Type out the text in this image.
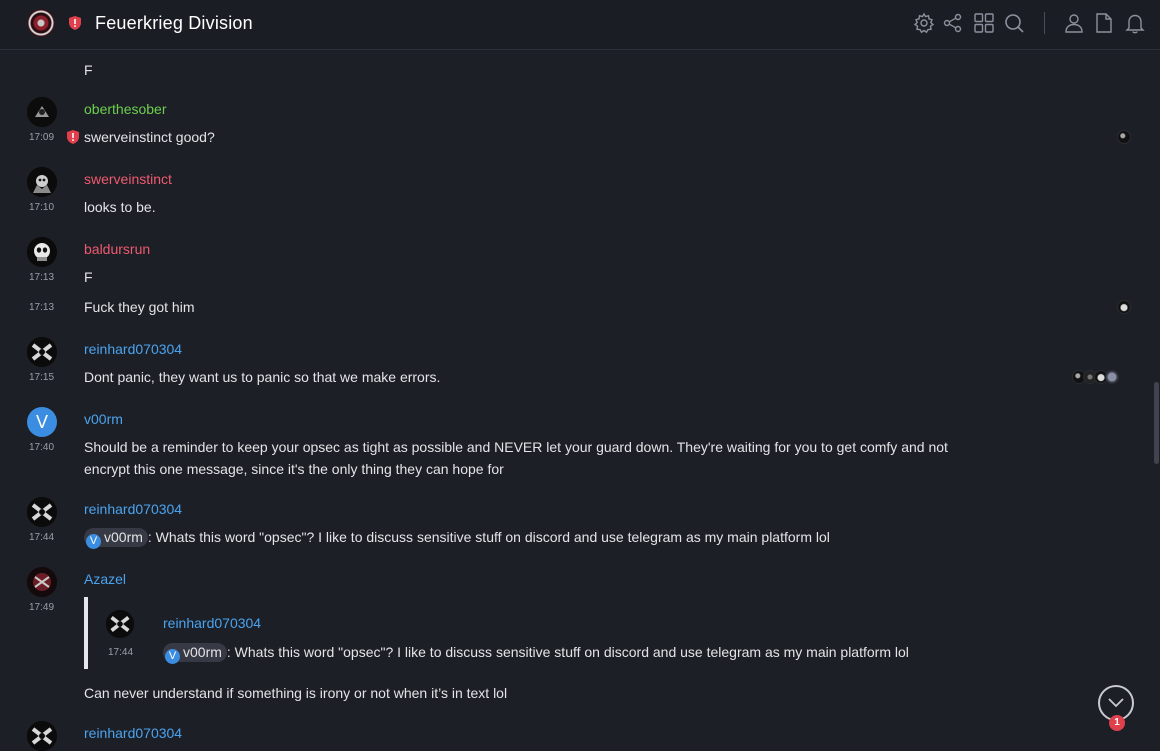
Feuerkrieg Division
F
oberthesober
17:09 swerveinstinct good?
swerveinstinct
17:10 looks to be.
baldursrun
17:13 F
17:13 Fuck they got him
reinhard070304
17:15 Dont panic, they want us to panic so that we make errors.
V	v00rm
17:40 Should be a reminder to keep your opsec as tight as possible and NEVER let your guard down. They're waiting for you to get comfy and not
encrypt this one message, since it's the only thing they can hope for
reinhard070304
17:44	V v00rm : Whats this word "opsec"? I like to discuss sensitive stuff on discord and use telegram as my main platform lol
Azazel
17:49
reinhard070304
17:44	V v00rm : Whats this word "opsec"? I like to discuss sensitive stuff on discord and use telegram as my main platform lol
Can never understand if something is irony or not when it’s in text lol
reinhard070304
1
